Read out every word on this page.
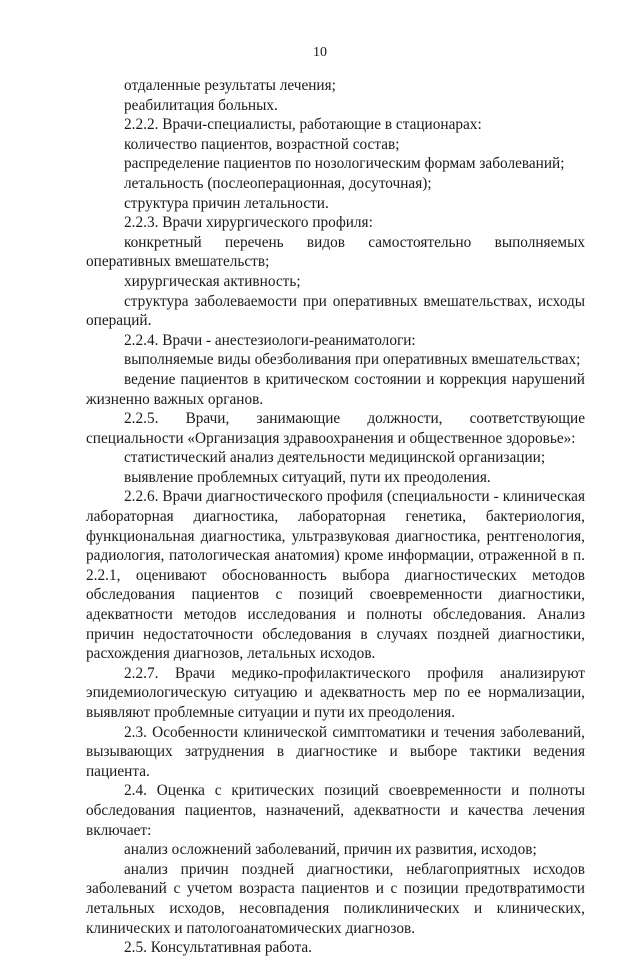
10

отдаленные результаты лечения;

реабилитация больных.

2.2.2. Врачи-специалисты, работающие в стационарах:

количество пациентов, возрастной состав;

распределение пациентов по нозологическим формам заболеваний;

летальность (послеоперационная, досуточная);

структура причин летальности.

2.2.3. Врачи хирургического профиля:

конкретный перечень видов самостоятельно выполняемых оперативных вмешательств;

хирургическая активность;

структура заболеваемости при оперативных вмешательствах, исходы операций.

2.2.4. Врачи - анестезиологи-реаниматологи:

выполняемые виды обезболивания при оперативных вмешательствах;

ведение пациентов в критическом состоянии и коррекция нарушений жизненно важных органов.

2.2.5. Врачи, занимающие должности, соответствующие специальности «Организация здравоохранения и общественное здоровье»:

статистический анализ деятельности медицинской организации;

выявление проблемных ситуаций, пути их преодоления.

2.2.6. Врачи диагностического профиля (специальности - клиническая лабораторная диагностика, лабораторная генетика, бактериология, функциональная диагностика, ультразвуковая диагностика, рентгенология, радиология, патологическая анатомия) кроме информации, отраженной в п. 2.2.1, оценивают обоснованность выбора диагностических методов обследования пациентов с позиций своевременности диагностики, адекватности методов исследования и полноты обследования. Анализ причин недостаточности обследования в случаях поздней диагностики, расхождения диагнозов, летальных исходов.

2.2.7. Врачи медико-профилактического профиля анализируют эпидемиологическую ситуацию и адекватность мер по ее нормализации, выявляют проблемные ситуации и пути их преодоления.

2.3. Особенности клинической симптоматики и течения заболеваний, вызывающих затруднения в диагностике и выборе тактики ведения пациента.

2.4. Оценка с критических позиций своевременности и полноты обследования пациентов, назначений, адекватности и качества лечения включает:

анализ осложнений заболеваний, причин их развития, исходов;

анализ причин поздней диагностики, неблагоприятных исходов заболеваний с учетом возраста пациентов и с позиции предотвратимости летальных исходов, несовпадения поликлинических и клинических, клинических и патологоанатомических диагнозов.

2.5. Консультативная работа.
